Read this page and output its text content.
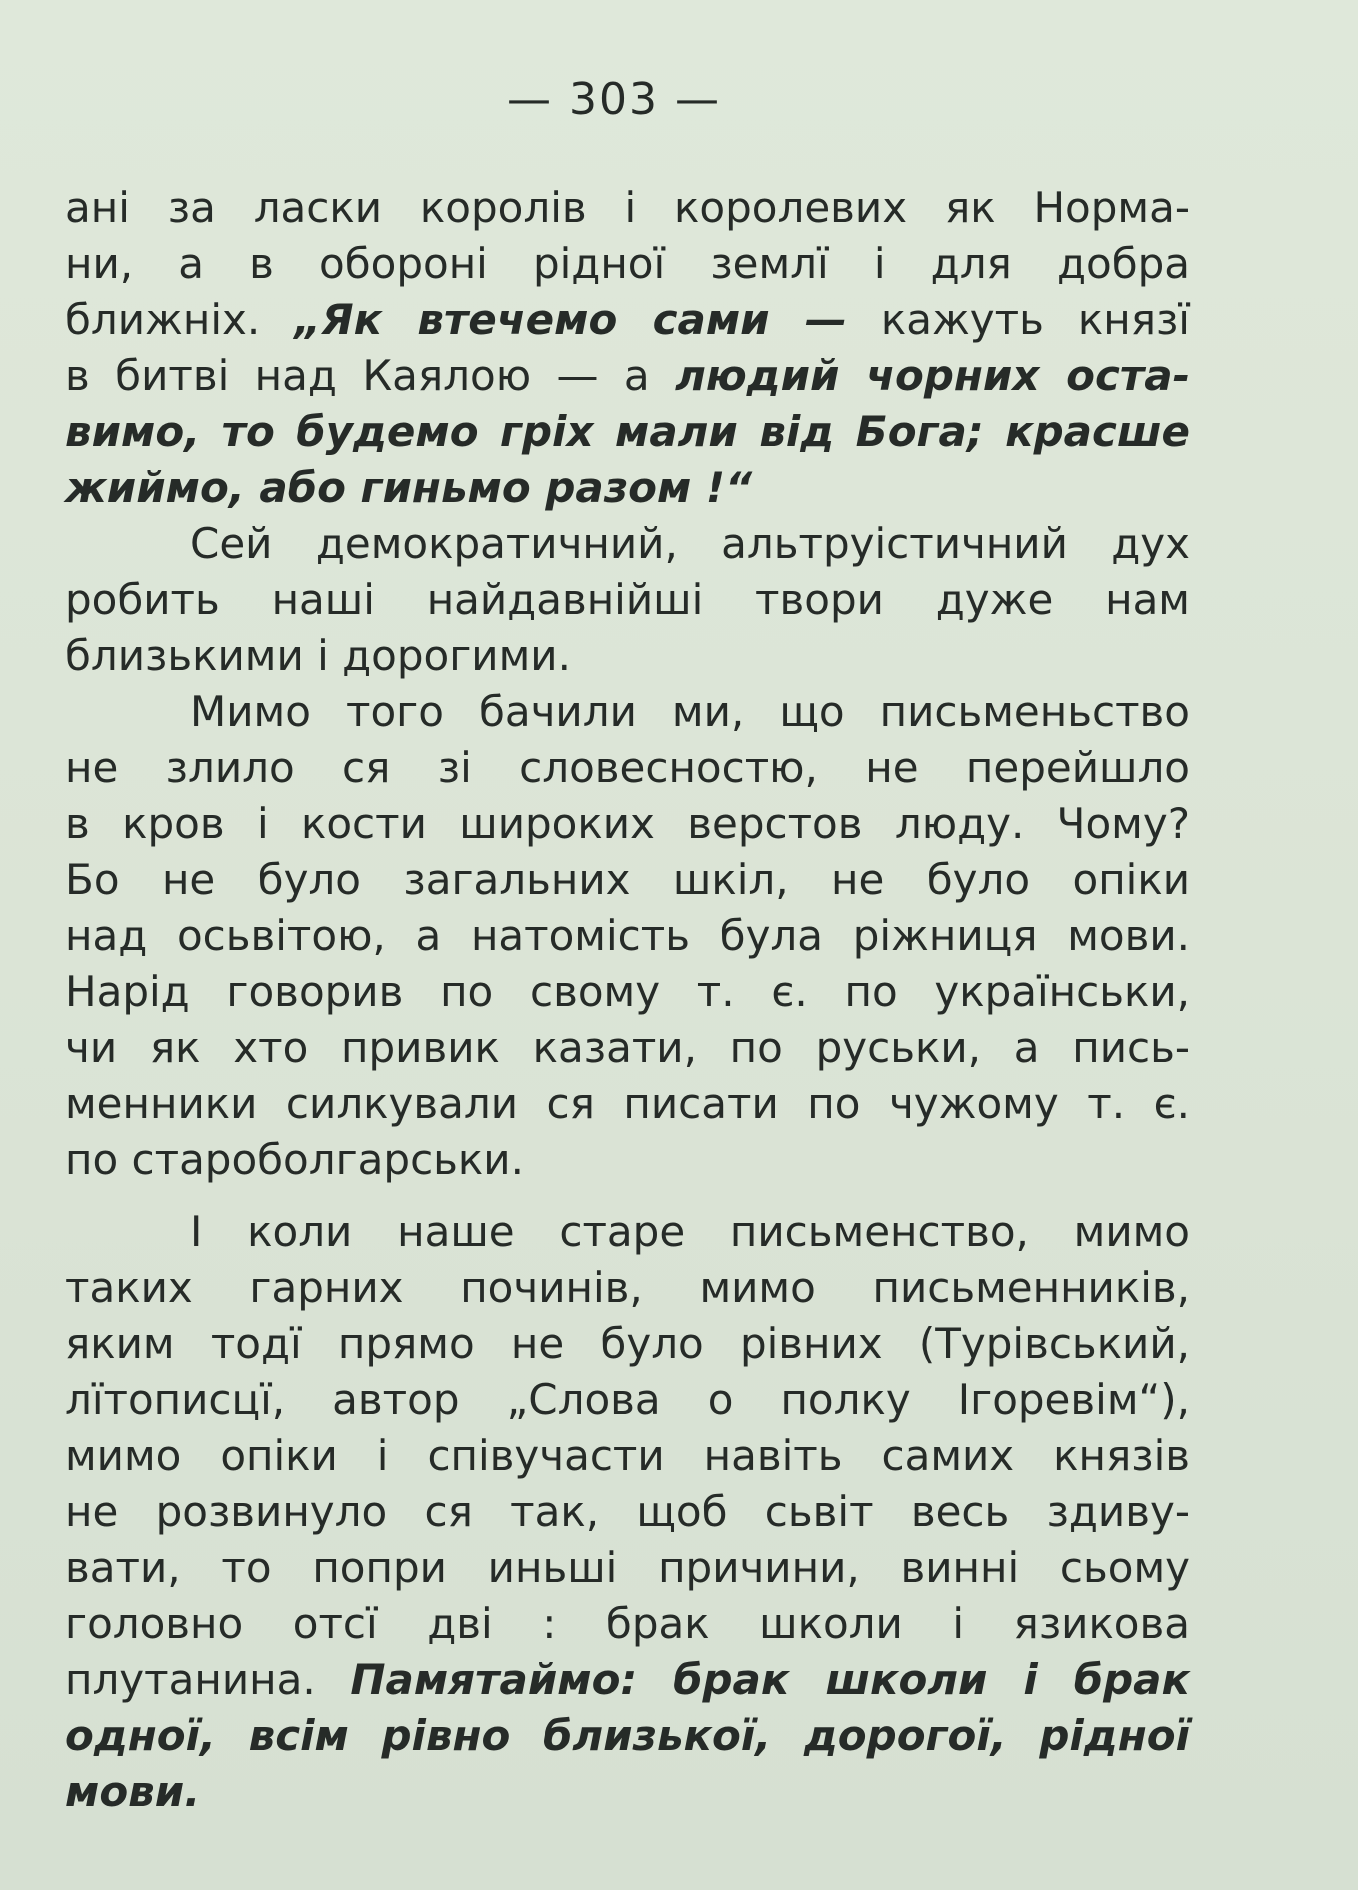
— 303 —
ані за ласки королів і королевих як Норма-
ни, а в обороні рідної землї і для добра
ближніх. „Як втечемо сами — кажуть князї
в битві над Каялою — а людий чорних оста-
вимо, то будемо гріх мали від Бога; красше
жиймо, або гиньмо разом !“
Сей демократичний, альтруістичний дух
робить наші найдавнійші твори дуже нам
близькими і дорогими.
Мимо того бачили ми, що письменьство
не злило ся зі словесностю, не перейшло
в кров і кости широких верстов люду. Чому?
Бо не було загальних шкіл, не було опіки
над осьвітою, а натомість була ріжниця мови.
Нарід говорив по свому т. є. по українськи,
чи як хто привик казати, по руськи, а пись-
менники силкували ся писати по чужому т. є.
по староболгарськи.
І коли наше старе письменство, мимо
таких гарних починів, мимо письменників,
яким тодї прямо не було рівних (Турівський,
лїтописцї, автор „Слова о полку Ігоревім“),
мимо опіки і співучасти навіть самих князів
не розвинуло ся так, щоб сьвіт весь здиву-
вати, то попри иньші причини, винні сьому
головно отсї дві : брак школи і язикова
плутанина. Памятаймо: брак школи і брак
одної, всім рівно близької, дорогої, рідної
мови.
